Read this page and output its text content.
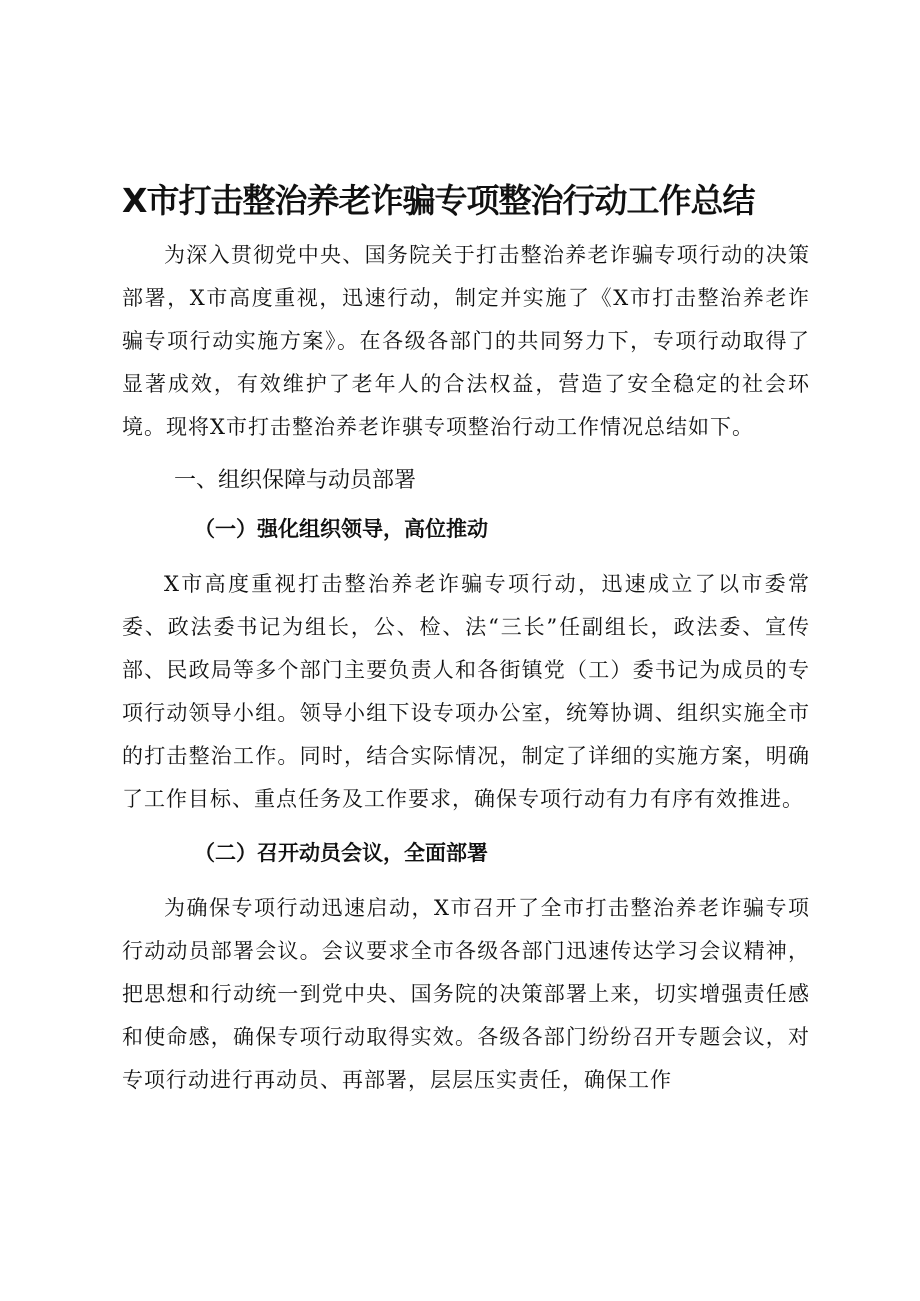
X市打击整治养老诈骗专项整治行动工作总结

为深入贯彻党中央、国务院关于打击整治养老诈骗专项行动的决策部署，X市高度重视，迅速行动，制定并实施了《X市打击整治养老诈骗专项行动实施方案》。在各级各部门的共同努力下，专项行动取得了显著成效，有效维护了老年人的合法权益，营造了安全稳定的社会环境。现将X市打击整治养老诈骐专项整治行动工作情况总结如下。

一、组织保障与动员部署
（一）强化组织领导，高位推动

X市高度重视打击整治养老诈骗专项行动，迅速成立了以市委常委、政法委书记为组长，公、检、法“三长”任副组长，政法委、宣传部、民政局等多个部门主要负责人和各街镇党（工）委书记为成员的专项行动领导小组。领导小组下设专项办公室，统筹协调、组织实施全市的打击整治工作。同时，结合实际情况，制定了详细的实施方案，明确了工作目标、重点任务及工作要求，确保专项行动有力有序有效推进。

（二）召开动员会议，全面部署

为确保专项行动迅速启动，X市召开了全市打击整治养老诈骗专项行动动员部署会议。会议要求全市各级各部门迅速传达学习会议精神，把思想和行动统一到党中央、国务院的决策部署上来，切实增强责任感和使命感，确保专项行动取得实效。各级各部门纷纷召开专题会议，对专项行动进行再动员、再部署，层层压实责任，确保工作
